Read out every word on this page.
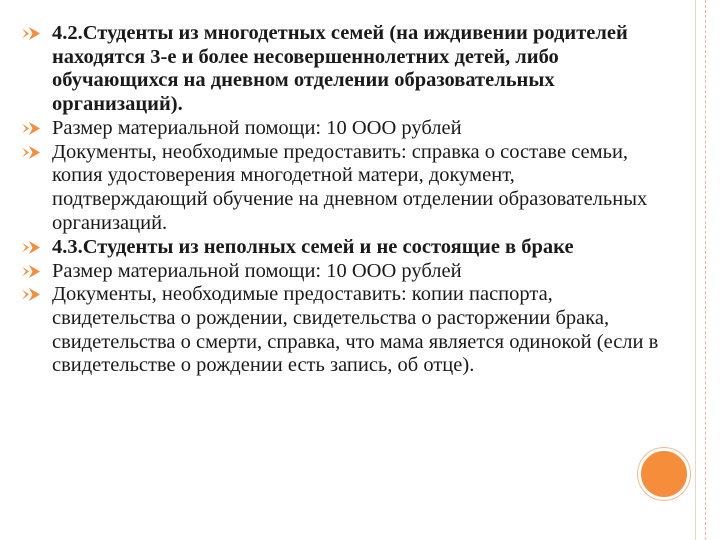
4.2.Студенты из многодетных семей (на иждивении родителей находятся 3-е и более несовершеннолетних детей, либо обучающихся на дневном отделении образовательных организаций).

Размер материальной помощи: 10 ООО рублей

Документы, необходимые предоставить: справка о составе семьи, копия удостоверения многодетной матери, документ, подтверждающий обучение на дневном отделении образовательных организаций.

4.3.Студенты из неполных семей и не состоящие в браке

Размер материальной помощи: 10 ООО рублей

Документы, необходимые предоставить: копии паспорта, свидетельства о рождении, свидетельства о расторжении брака, свидетельства о смерти, справка, что мама является одинокой (если в свидетельстве о рождении есть запись, об отце).
